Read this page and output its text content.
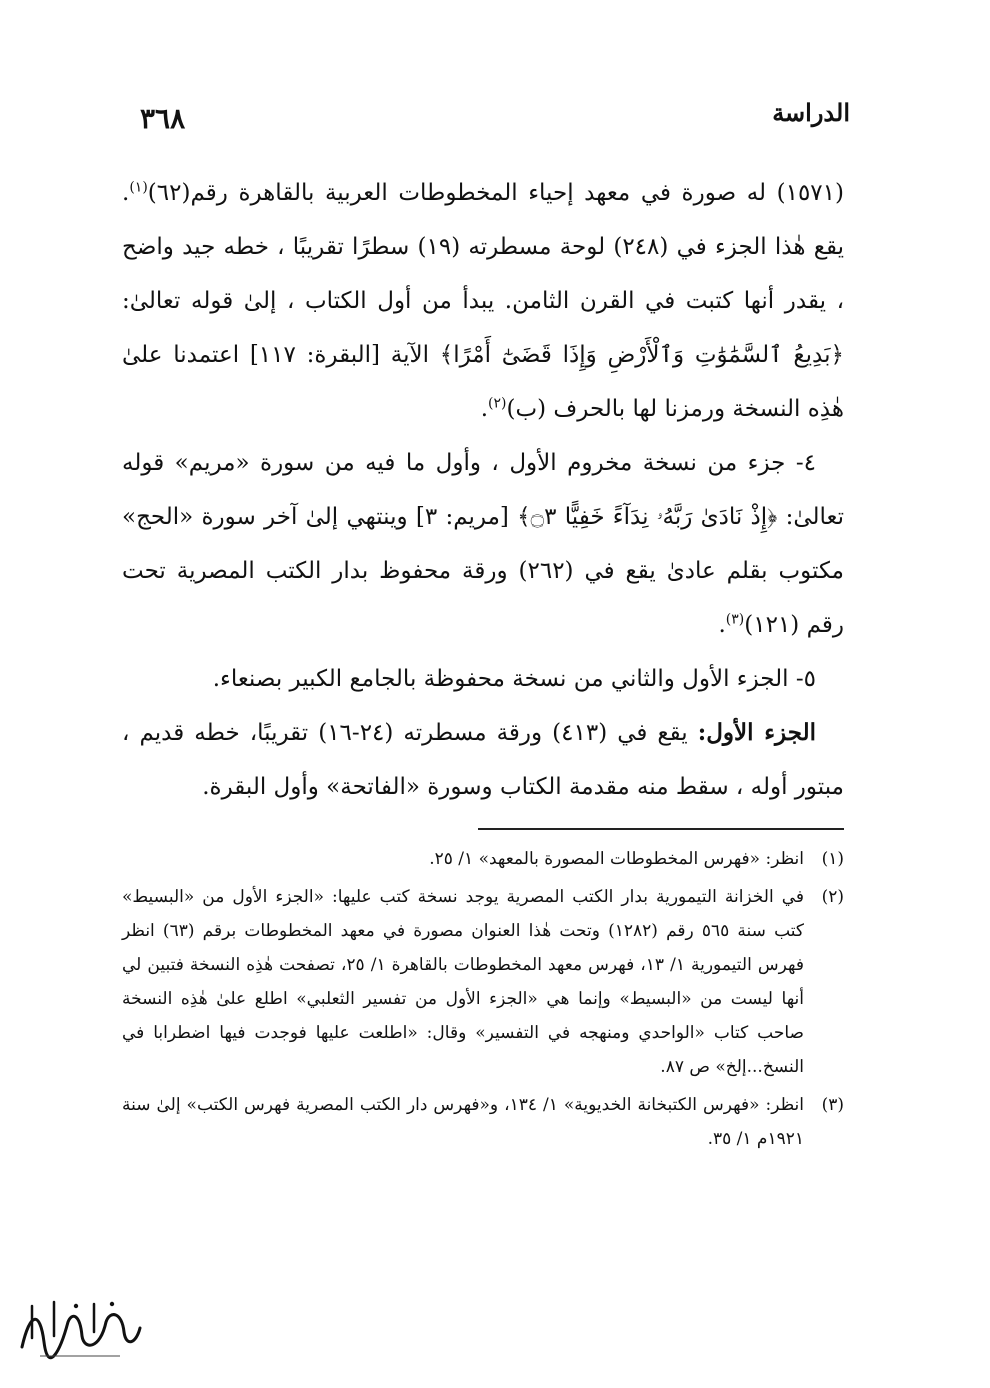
الدراسة
٣٦٨

(١٥٧١) له صورة في معهد إحياء المخطوطات العربية بالقاهرة رقم(٦٢)$^{(١)}$. يقع هٰذا الجزء في (٢٤٨) لوحة مسطرته (١٩) سطرًا تقريبًا ، خطه جيد واضح ، يقدر أنها كتبت في القرن الثامن. يبدأ من أول الكتاب ، إلىٰ قوله تعالىٰ: ﴿بَدِيعُ ٱلسَّمَٰوَٰتِ وَٱلْأَرْضِ وَإِذَا قَضَىٰٓ أَمْرًا﴾ الآية [البقرة: ١١٧] اعتمدنا علىٰ هٰذِه النسخة ورمزنا لها بالحرف (ب)$^{(٢)}$.

٤- جزء من نسخة مخروم الأول ، وأول ما فيه من سورة «مريم» قوله تعالىٰ: ﴿إِذْ نَادَىٰ رَبَّهُۥ نِدَآءً خَفِيًّا ۝٣﴾ [مريم: ٣] وينتهي إلىٰ آخر سورة «الحج» مكتوب بقلم عادىٰ يقع في (٢٦٢) ورقة محفوظ بدار الكتب المصرية تحت رقم (١٢١)$^{(٣)}$.

٥- الجزء الأول والثاني من نسخة محفوظة بالجامع الكبير بصنعاء.

الجزء الأول: يقع في (٤١٣) ورقة مسطرته (٢٤-١٦) تقريبًا، خطه قديم ، مبتور أوله ، سقط منه مقدمة الكتاب وسورة «الفاتحة» وأول البقرة.

(١)انظر: «فهرس المخطوطات المصورة بالمعهد» ١/ ٢٥.

(٢)في الخزانة التيمورية بدار الكتب المصرية يوجد نسخة كتب عليها: «الجزء الأول من «البسيط» كتب سنة ٥٦٥ رقم (١٢٨٢) وتحت هٰذا العنوان مصورة في معهد المخطوطات برقم (٦٣) انظر فهرس التيمورية ١/ ١٣، فهرس معهد المخطوطات بالقاهرة ١/ ٢٥، تصفحت هٰذِه النسخة فتبين لي أنها ليست من «البسيط» وإنما هي «الجزء الأول من تفسير الثعلبي» اطلع علىٰ هٰذِه النسخة صاحب كتاب «الواحدي ومنهجه في التفسير» وقال: «اطلعت عليها فوجدت فيها اضطرابا في النسخ...إلخ» ص ٨٧.

(٣)انظر: «فهرس الكتبخانة الخديوية» ١/ ١٣٤، و«فهرس دار الكتب المصرية فهرس الكتب» إلىٰ سنة ١٩٢١م ١/ ٣٥.
